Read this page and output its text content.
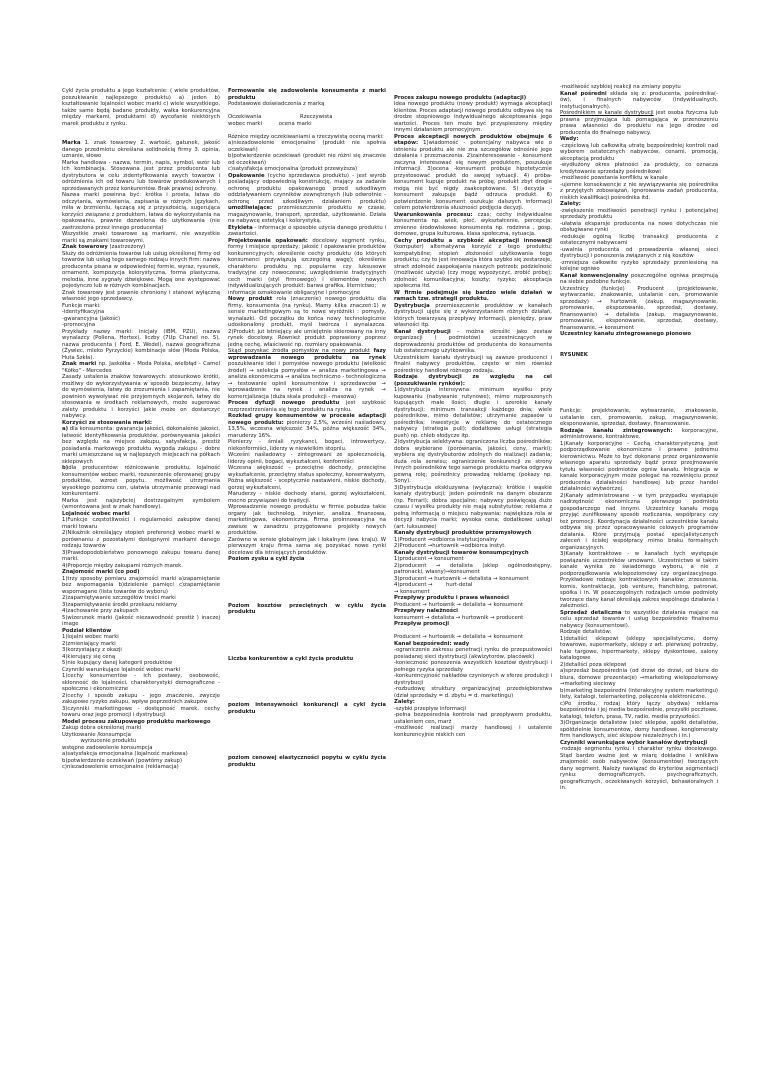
Cykl życia produktu a jego kształcenie: ( wiele produktów, poszukiwanie najlepszego produktu) a) jeden b) kształtowanie lojalności wobec marki c) wiele wszystkiego, także same będą badane produkty, walka konkurencyjna między markami, produktami d) wycofanie niektórych marek produktu z rynku.

Marka 1. znak towarowy 2. wartość, gatunek, jakość danego przedmiotu określana solidnością firmy 3. opinia, uznanie, słowo

Marka handlowa - nazwa, termin, napis, symbol, wzór lub ich kombinacja. Stosowana jest przez producenta lub dystrybutora w celu zidentyfikowania swych towarów i odróżnienia ich od towaru lub towarów produkowanych i sprzedawanych przez konkurentów. Brak prawnej ochrony.

Nazwa marki powinna być: krótka i prosta, łatwa do odczytania, wymówienia, zapisania w różnych językach, miła w brzmieniu, łączącą się z przyszłością, sugerująca korzyści związane z produktem, łatwa do wykorzystania na opakowaniu, prawnie dozwolona do użytkowania (nie zastrzeżona przez innego producenta)

Wszystkie znaki towarowe są markami, nie wszystkie marki są znakami towarowymi.

Znak towarowy (zastrzeżony)

Służy do odróżnienia towarów lub usług określonej firmy od towarów lub usług tego samego rodzaju innych firm: nazwa producenta pisana w odpowiedniej formie, wyraz, rysunek, ornament, kompozycja kolorystyczna, forma plastyczna, melodia, inne sygnały dźwiękowe. Mogą one występować pojedynczo lub w różnych kombinacjach.

Znak towarowy jest prawnie chroniony i stanowi wyłączną własność jego sprzedawcy.

Funkcje marki:

-identyfikacyjna

-gwarancyjna (jakość)

-promocyjna

Przykłady nazwy marki: inicjały (IBM, PZU), nazwa wynalazcy (Pollena, Hortex), liczby (7Up Chanel no. 5), nazwa producenta ( Ford, E. Wedel), nazwa geograficzna (Żywiec, mleko Pyrzyckie) kombinacje słów (Moda Polska, Huta Szkła).

Znak marki np. Jaskółka - Moda Polska, wielbłąd - Camel "Kółko" - Mercedes

Zasady ustalenia znaków towarowych: stosunkowo krótki, możliwy do wykorzystywania w sposób bezpieczny, łatwy do wymówienia, łatwy do zrozumienia i zapamiętania, nie powinien wywoływać nie przyjemnych skojarzeń, łatwy do stosowania w środkach reklamowych, może sugerować zalety produktu i korzyści jakie może on dostarczyć nabywcy.

Korzyści ze stosowania marki:

a) dla konsumenta: gwarancja jakości, dokonalenie jakości, łatwość identyfikowania produktów, porównywania jakości bez względu na miejsce zakupu, satysfakcja, prestiż posiadania markowego produktu wygoda zakupu - dobre marki umieszczane są w najlepszych miejscach na półkach sklepowych

b)dla producentów: różnicowanie produktu, lojalność konsumentów wobec marki, rozszerzenie oferowanej grupy produktów, wzrost popytu, możliwość utrzymania wysokiego poziomu cen, ułatwia utrzymanie przewagi nad konkurentami.

Marka jest najszybciej dostrzegalnym symbolem (wmontowana jest w znak handlowy).

Lojalność wobec marki

1)Funkcje częstotliwości i regularności zakupów danej marki towaru

2)Nikaźnik określający stopień preferencji wobec marki w porównaniu z pozostałymi dostępnymi markami danego rodzaju towarów

3)Prawdopodobieństwo ponownego zakupu towaru danej marki.

4)Proporcje między zakupami różnych marek.

Znajomość marki (co pod)

1)trzy sposoby pomiaru znajomości marki a)zapamiętanie bez wspomagania b)dzielenie pamięci c)zapamiętanie wspomagane (lista towarów do wyboru)

2)zapamiętywanie szczegółów treści marki

3)zapamiętywanie środki przekazu reklamy

4)zachowanie przy zakupach

5)wizerunek marki (jakość niezawodność prestiż ) inaczej image

Podział klientów

1)lojalni wobec marki

2)zmieniający marki

3)korzystający z okazji

4)kierujący się ceną

5)nie kupujący danej kategorii produktów

Czynniki warunkujące lojalność wobec marki

1)cechy konsumentów - ich postawy, osobowość, skłonność do lojalności, charakterystyki demograficzne - społeczne i ekonomiczne

2)cechy i sposób zakupu - jego znaczenie, zwyczje zakupowe ryzyko zakupu, wpływ poprzednich zakupów

3)czynniki marketingowe - dostępność marek, cechy towaru oraz jego promocji i dystrybucji

Model procesu zakupowego produktu markowego

Zakup dobra określonej marki

Użytkowanie /konsumpcja

wyrzucenie produktu

wstępne zadowolenie konsumpcja

a)satysfakcja emocjonalna (lojalność markowa)

b)potwierdzenie oczekiwań (powtórny zakup)

c)niezadowolenie emocjonalne (reklamacja)

Formowanie się zadowolenia konsumenta z marki produktu

Podstawowe doświadczenia z marką

Oczekiwania                       Rzeczywista

wobec marki          ocena marki

Różnice między oczekiwaniami a rzeczywistą oceną marki:

a)niezadowolenie emocjonalne (produkt nie spełnia oczekiwań)

b)potwierdzenie oczekiwań (produkt nie różni się znacznie od oczekiwań)

c)satysfakcja emocjonalna (produkt przewyższa)

Opakowanie (cycho sprzedawca produktu) - jest wyrób posiadający odpowiednią konstrukcję, mający za zadanie ochronę produktu opakowanego przed szkodliwym oddziaływaniem czynników zewnętrznych (lub odwrotnie - ochronę przed szkodliwym działaniem produktu) umożliwiające: przemieszczenie produktu w czasie, magazynowanie, transport, sprzedaż, użytkowanie. Działa na nabywcę estetyką i kolorystyką.

Etykieta - informacje o sposobie użycia danego produktu i zawartości.

Projektowanie opakowań: docelowy segment rynku, formy i miejsce sprzedaży; jakość i opakowanie produktów konkurencyjnych; określenie cechy produktu (do których konsumenci przywiązują szczególną wagę); określenie charakteru produktu np. popularne czy luksusowe tradycyjne czy nowoczesne; uwzględnienie tradycyjnych cech marki (styl firmowego) i elementów nowych indywidualizujących produkt: barwa grafika, liternictwo;

informacje oznakowanie obligacyjne i promocyjne

Nowy produkt rola (znaczenie) nowego produktu dla firmy, konsumenta (na rynku). Mamy kilka znaczeń:1) w sensie marketingowym są to nowe wyróżniki : pomysły, wynalazki. Od początku do końca nowy technologicznie udoskonalony produkt, myśl twórcza i wynalazcza. 2)Produkt: jut istniejący ale umiejętnie skierowany na inny rynek docelowy. Również produkt poprawiony poprzez jedną cechę, właściwość np. rozmiary opakowania.

Skąd pozyskać źródła pomysłów na nowy produkt fazy wprowadzania nowego produktu na rynek poszukiwanie idei i pomysłów nowego produktu (wielkość źródeł) → selekcja pomysłów → analiza marketingowa → analiza ekonomiczna → analiza techniczno - technologiczna → testowanie opinii konsumentów i sprzedawców → wprowadzenie na rynek i analiza na rynek → komercjalizacja (duża skala produkcji - masowa)

Proces dyfuzji nowego produktu jest szybkość rozprzestrzeniania się tego produktu na rynku.

Rozkład grupy konsumentów w procesie adaptacji nowego produktu: pionierzy 2,5%, wcześni naśladowcy 13,5%, wczesna większość 34%, późna większość 34%, maruderzy 16%.

Pionierzy - śmiali ryzykanci, bogaci, introwertycy, niekonformiści, liderzy w niewielkim stopniu.

Wcześni naśladowcy - zintegrowani ze społecznością, liderzy opinii, bogaci, wykształceni, konformiści

Wczesna większość - przeciętne dochody, przeciętne wykształcenie, przeciętny status społeczny, konserwatyzm,

Późna większość - sceptycznie nastawieni, niskie dochody, gorzej wykształceni,

Maruderzy - niskie dochody starsi, gorzej wykształceni, mocno przywiązani do tradycji.

Wprowadzenie nowego produktu w firmie pobudza takie organy jak technolog, inżynier, analiza finansowa, marketingowa, ekonomiczna. Firma proinnowacyjna na zawsze w zanadrzu przygotowane projekty nowych produktów.

Zarówno w sensie globalnym jak i lokalnym (ww. kraju). W pierwszym kraju firma sama się pozyskać nowe rynki docelowe dla istniejących produktów.

Poziom zysku a cykl życia

Poziom kosztów przeciętnych w cyklu życia produktu

Liczba konkurentów a cykl życia produktu

poziom intensywności konkurencji a cykl życia produktu

poziom cenowej elastyczności popytu w cyklu życia produktu

Proces zakupu nowego produktu (adaptacji)

Idea nowego produktu (nowy produkt) wymaga akceptacji klientów. Proces adaptacji nowego produktu odbywa się na drodze stopniowego indywidualnego akceptowania jego wartości. Proces ten może być przyspieszony między innymi działaniem promocyjnym.

Proces akceptacji nowych produktów obejmuje 6 etapów: 1)wiadomość - potencjalny nabywca wie o istnieniu produktu ale nie zna szczegółów odnośnie jego działania i przeznaczenia. 2)zainteresowanie - konsument zaczyna interesować się nowym produktem, poszukuje informacji. 3)ocena -konsument próbuje hipotetycznie przystosować produkt do swojej sytuacji. 4) próba- konsument kupuje produkt na próbę, produkt zbyt drogie mogą nie być nigdy zaakceptowane. 5) decyzja - konsument zakupuje bądź odrzuca produkt. 6) potwierdzenie konsument oszukuje dalszych informacji celem potwierdzenia słuszności podjęcia decyzji.

Uwarunkowania procesu: czas; cechy indywidualne konsumenta np. wiek, płeć, wykształcenie, percepcja; zmienne środowiskowe konsumenta np. rodzinna , gosp. domowe, grupa kulturowa, klasa społeczna, sytuacja.

Cechy produktu a szybkość akceptacji innowacji (komputer) alternatywna korzyść z tego produktu; kompatybilne; stopień złożoności użytkowania tego produktu; czy to jest innowacja która szybko się zestarzeje, stract zdolność zaspokajania naszych potrzeb; podzielność (możliwość użycia) (czy mogę wypożyczyć, zrobić próbę); zdolność komunikacyjna; koszty; ryzyko; akceptacja społeczna itd.

W firmie podejmuje się bardzo wiele działań w ramach tzw. strategii produktu.

Dystrybucja przemieszczenie produktów w kanałach dystrybucji ujęte się z wykorzystaniem różnych działań, których towarzyszą przepływy informacji, pieniędzy, praw własności itp.

Kanał dystrybucji – można określić jako zestaw organizacji ( podmiotów) uczestniczących w doprowadzeniu produktów od producenta do konsumenta lub ostatecznego użytkownika.

Uczestnikiem kanału dystrybucji są zawsze producenci i finalni nabywcy produktów, często w nim również pośrednicy handlowi różnego rodzaju.

Rodzaje dystrybucji ze względu na cel (poszukiwanie rynków):

1)dystrybucja intensywna: minimum wysiłku przy kupowaniu (nabywanie rutynowe); mimo rozproszonych kupujących małe ilości; długie i szerokie kanały dystrybucji; minimum transakcji każdego dnia; wiele pośredników, mimo detalistów; utrzymanie zapasów u pośrednika; inwestycje w reklamę do ostatecznego nabywcy (strategia pull); dodatkowe usługi (strategia push) np. chleb słodycze itp.

2)dystrybucja selektywna: ograniczona liczba pośredników; dobra wybierane (porównania, jakości, ceny, marki); wybiera się dystrybutorów zdolnych do realizacji zadania; duża rola serwisu; ograniczenie konkurencji ze strony innych pośredników tego samego produktu marka odgrywa pewną rolę; pośrednicy prowadzą reklamę (pokazy np. Sony).

3)Dystrybucja ekskluzywna (wyłączna): krótkie i wąskie kanały dystrybucji; jeden pośrednik na danym obszarze (np. Ferrari); dobra specjalne; nabywcy poświęcają dużo czasu i wysiłku produkty nie mają substytutów; reklama z pełną informacją o miejscu nabywania; największa rola w decyzji nabycia marki; wysoka cena; dodatkowe usługi (art. luksusowe)

Kanały dystrybucji produktów przemysłowych

1)Producent →odbiorca instytucjonalny

2)Producent →hurtownik →odbiorca instyt.

Kanały dystrybucji towarów konsumpcyjnych

1)producent → konsument

2)producent → detalista (sklep ogólnodostępny, patronacki, własny)→konsument

3)producent → hurtownik → detalista → konsument

4)producent →        hurt-detal

→ konsument

Przepływy produktu i prawa własności

Producent → hurtownik → detalista → konsument

Przepływy należności

konsument → detalista → hurtownik → producent

Przepływ promocji

Producent → hurtownik → detalista → konsument

Kanał bezpośredni: wady

-ograniczenie zakresu penetracji rynku do przepustowości posiadanej sieci dystrybucji (akwizytorów, placówek)

-konieczność ponoszenia wszystkich kosztów dystrybucji i pełnego ryzyka sprzedaży

-konkurencyjność nakładów czynionych w sferze produkcji i dystrybucji

-rozbudowę struktury organizacyjnej przedsiębiorstwa (dział sprzedaży = d. zbytu = d. marketingu)

Zalety:

-szybki przepływ informacji

-pełna bezpośrednia kontrola nad przepływem produktu, ustaleniem cen, marż

-możliwość realizacji marży handlowej i ustalenie konkurencyjnie niskich cen

-możliwość szybkiej reakcji na zmiany popytu

Kanał pośredni składa się z: producenta, pośrednika(-ów), i finalnych nabywców (indywidualnych, instytucjonalnych).

Pośrednikiem w kanale dystrybucji jest osoba fizyczna lub prawna przyjmująca lub pomagająca w przenoszeniu prawa własności do produktu na jego drodze od producenta do finalnego nabywcy.

Wady:

-częściową lub całkowitą utratę bezpośredniej kontroli nad wyborem ostatecznych nabywców, cenami, promocją, akceptacją produktu

-wydłużony okres płatności za produkty, co oznacza kredytowanie sprzedaży pośrednikowi

-możliwość powstania konfliktu w kanale

-ujemne konsekwencje z nie wywiązywania się pośrednika z przyjętych zobowiązań, ignorowania zadań producenta, niskich kwalifikacji pośrednika itd.

Zalety:

-zwiększenie możliwości penetracji rynku i potencjalnej sprzedaży produktu

-ułatwia eksparsje producenta na nowe dotychczas nie obsługiwane rynki

-redukuje ogólną liczbę transakcji producenta z ostatecznymi nabywcami

-uwalnia producenta od prowadzenia własnej sieci dystrybucji i ponoszenia związanych z nią kosztów

-zmniejsza całkowite ryzyko sprzedaży przeniesioną na kolejne ogniwo

Kanał konwencjonalny poszczególne ogniwa przejmują na siebie podobne funkcje.

Uczestnicy (funkcje) Producent (projektowanie, wytwarzanie, znakowanie, ustalanie cen, promowanie sprzedaży) → hurtownik (zakup, magazynowanie, promowanie, ekspozowanie, sprzedaż, dostawy, finansowanie) → detalista (zakup, magazynowanie, promowanie, eksponowanie, sprzedaż, dostawy, finansowanie, → konsument

Uczestnicy kanału zintegrowanego pionowo

RYSUNEK

Funkcje: projektowanie, wytwarzanie, znakowanie, ustalanie cen, promowanie, zakup, magazynowanie, eksponowanie, sprzedaż, dostawy, finansowanie.

Rodzaje kanału zintegrowanych: korporacyjne, administrowane, kontraktowe.

1)Kanały korporacyjne - Cechą charakterystyczną jest podporządkowanie ekonomiczne i prawne jednemu kierownictwu. Może to być dokonane przez organizowanie własnego aparatu sprzedaży bądź przez przejmowanie tytułu własności podmiotów ogniw kanału. Integracja w kanale korporacyjnym może polegać na rozwinięciu przez producenta działalności handlowej lub przez handel działalności wytwórczej.

2)Kanały administrowane - w tym przypadku wystąpuje nadrzędność ekonomiczna pierwszego podmiotu gospodarczego nad innymi. Uczestnicy kanału mogą przyjąć zunifikowany sposób rozliczania, współpracy czy też promocji. Koordynacja działalności uczestników kanału odbywa się przez opracowywanie celowych programów działania. Które przyjmują postać specjalistycznych załeceń i ścisłej współpracy mimo braku formalnych organizacyjnych.

3)Kanały kontraktowe - w kanałach tych występuje powiązanie uczestników umowami. Uczestnictwo w takim kanale wynika ze świadomego wyboru, a nie z podporządkowania wielopoziomowy czy organizacyjnego. Przykładowe rodzaje kontraktowych kanałów: zrzeszenia, komis, kontraktacje, job venture, franchising, patronat, spółka i in. W poszczególnych rodzajach umów podmioty tworzące dany kanał określają zakres wspólnego działania i zależności.

Sprzedaż detaliczna to wszystkie działania mające na celu sprzedaż towarów i usług bezpośrednio finalnemu nabywcy (konsumentowi).

Rodzaje detalistów:

1)detaliści sklepowi (sklepy specjalistyczne, domy towarowe, supermarkety, sklepy z art. pierwszej potrzeby, hale targowe, hipermarkety, sklepy dyskontowe, salony katalogowe

2)detaliści poza sklepowi

a)sprzedaż bezpośrednia (od drzwi do drzwi, od biura do biura, domowe prezentacje) →marketing wielopoziomowy →marketing sieciowy

b)marketing bezpośredni (interakcyjny system marketingu) listy, katalogi, telemarketing, połączenia elektroniczne.

c)Po środku, rodzaj który łączy obydwa) reklama bezpośrednia i jej media bezpośrednie, prezysłki pocztowe, katalogi, telefon, prasa, TV, radio, media przyszłości.

3)Organizacje detalistów (sieć sklepów, spółki detalistów, spółdzielnie konsumentów, domy handlowe, konglomeraty firm handlowych, sieć sklepów niezależnych i in.)

Czynniki warunkujące wybór kanałów dystrybucji

-rodzaje segmentu rynku i charakter rynku docelowego. Stąd bardzo ważne jest w miarę dokładne i wnikliwa znajomość osób nabywców (konsumentów) tworzących dany segment. Należy nawiązać do kryteriów segmentacji rynku: demograficznych, psychograficznych, geograficznych, oczekiwanych korzyści, behawioralnych i in.
